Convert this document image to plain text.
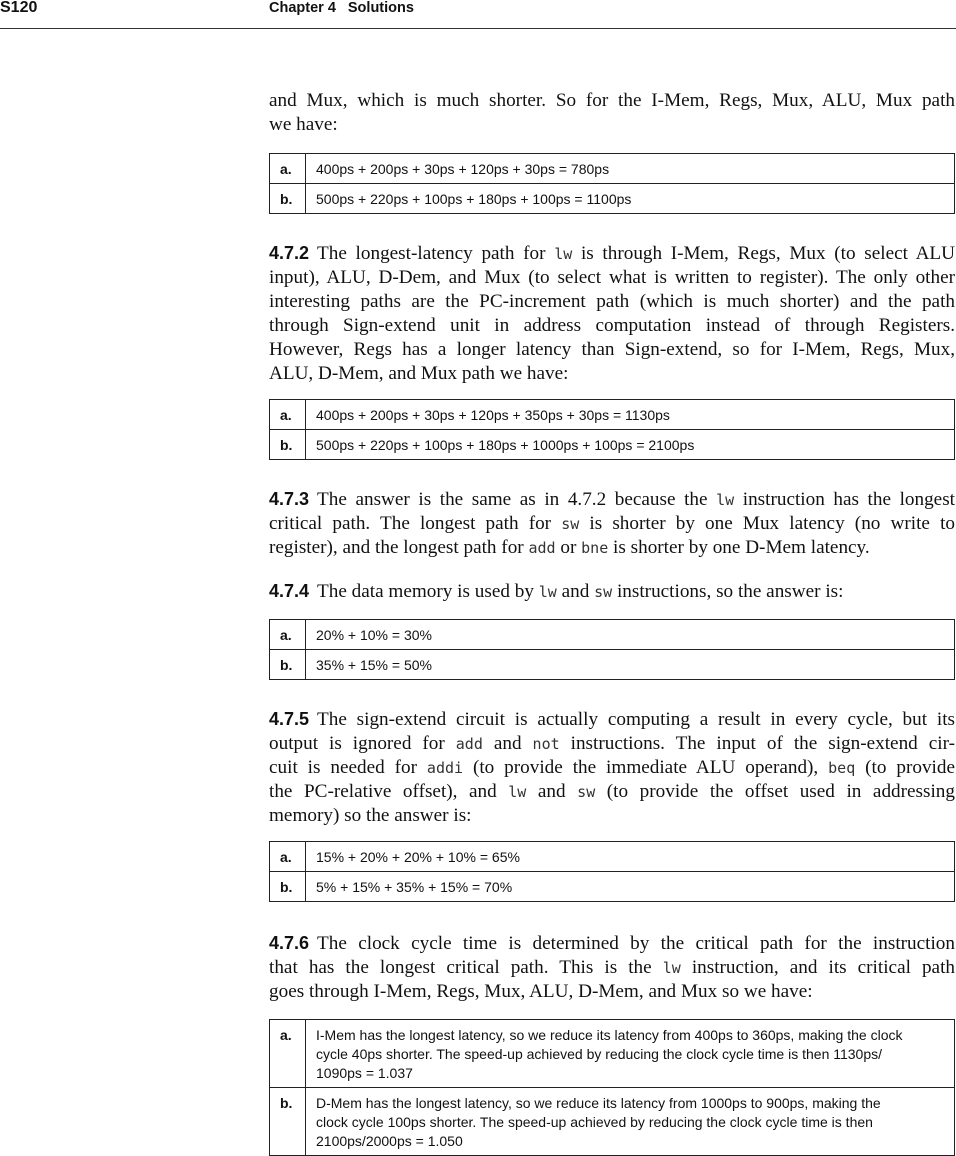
S120	Chapter 4 Solutions

and Mux, which is much shorter. So for the I-Mem, Regs, Mux, ALU, Mux path
we have:

a.	400ps + 200ps + 30ps + 120ps + 30ps = 780ps
b.	500ps + 220ps + 100ps + 180ps + 100ps = 1100ps

4.7.2 The longest-latency path for lw is through I-Mem, Regs, Mux (to select ALU
input), ALU, D-Dem, and Mux (to select what is written to register). The only other
interesting paths are the PC-increment path (which is much shorter) and the path
through Sign-extend unit in address computation instead of through Registers.
However, Regs has a longer latency than Sign-extend, so for I-Mem, Regs, Mux,
ALU, D-Mem, and Mux path we have:

a.	400ps + 200ps + 30ps + 120ps + 350ps + 30ps = 1130ps
b.	500ps + 220ps + 100ps + 180ps + 1000ps + 100ps = 2100ps

4.7.3 The answer is the same as in 4.7.2 because the lw instruction has the longest
critical path. The longest path for sw is shorter by one Mux latency (no write to
register), and the longest path for add or bne is shorter by one D-Mem latency.

4.7.4 The data memory is used by lw and sw instructions, so the answer is:

a.	20% + 10% = 30%
b.	35% + 15% = 50%

4.7.5 The sign-extend circuit is actually computing a result in every cycle, but its
output is ignored for add and not instructions. The input of the sign-extend cir-
cuit is needed for addi (to provide the immediate ALU operand), beq (to provide
the PC-relative offset), and lw and sw (to provide the offset used in addressing
memory) so the answer is:

a.	15% + 20% + 20% + 10% = 65%
b.	5% + 15% + 35% + 15% = 70%

4.7.6 The clock cycle time is determined by the critical path for the instruction
that has the longest critical path. This is the lw instruction, and its critical path
goes through I-Mem, Regs, Mux, ALU, D-Mem, and Mux so we have:

a.	I-Mem has the longest latency, so we reduce its latency from 400ps to 360ps, making the clock
cycle 40ps shorter. The speed-up achieved by reducing the clock cycle time is then 1130ps/
1090ps = 1.037

b.	D-Mem has the longest latency, so we reduce its latency from 1000ps to 900ps, making the
clock cycle 100ps shorter. The speed-up achieved by reducing the clock cycle time is then
2100ps/2000ps = 1.050
